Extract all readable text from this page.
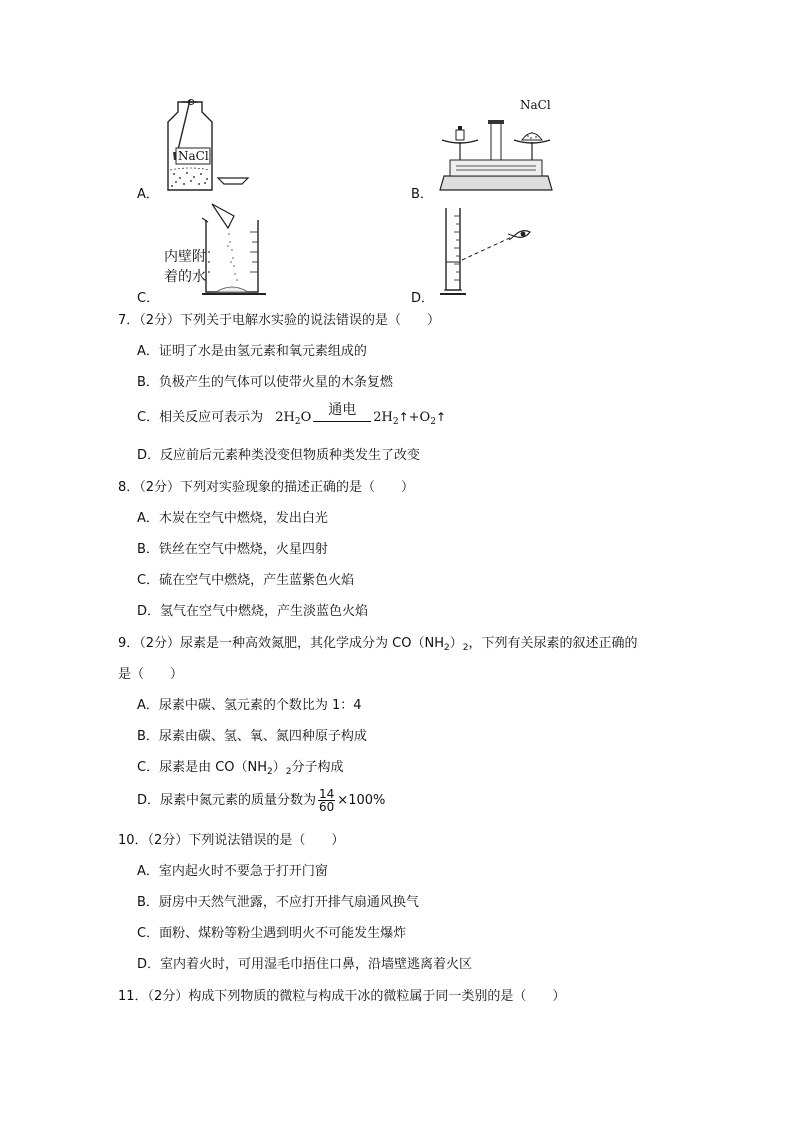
NaCl
A．
NaCl
B．
内壁附
着的水
C．	D．
7．（2分）下列关于电解水实验的说法错误的是（　　）
A．证明了水是由氢元素和氧元素组成的
B．负极产生的气体可以使带火星的木条复燃
C．相关反应可表示为 $2H_2O$	通电	$2H_2↑+O_2↑$
D．反应前后元素种类没变但物质种类发生了改变
8．（2分）下列对实验现象的描述正确的是（　　）
A．木炭在空气中燃烧，发出白光
B．铁丝在空气中燃烧，火星四射
C．硫在空气中燃烧，产生蓝紫色火焰
D．氢气在空气中燃烧，产生淡蓝色火焰
9．（2分）尿素是一种高效氮肥，其化学成分为 $CO(NH_2)_2$，下列有关尿素的叙述正确的
是（　　）
A．尿素中碳、氢元素的个数比为 1：4
B．尿素由碳、氢、氧、氮四种原子构成
C．尿素是由 $CO(NH_2)_2$分子构成
D．尿素中氮元素的质量分数为 $\frac{14}{60} \times 100\%$
10．（2分）下列说法错误的是（　　）
A．室内起火时不要急于打开门窗
B．厨房中天然气泄露，不应打开排气扇通风换气
C．面粉、煤粉等粉尘遇到明火不可能发生爆炸
D．室内着火时，可用湿毛巾捂住口鼻，沿墙壁逃离着火区
11．（2分）构成下列物质的微粒与构成干冰的微粒属于同一类别的是（　　）
